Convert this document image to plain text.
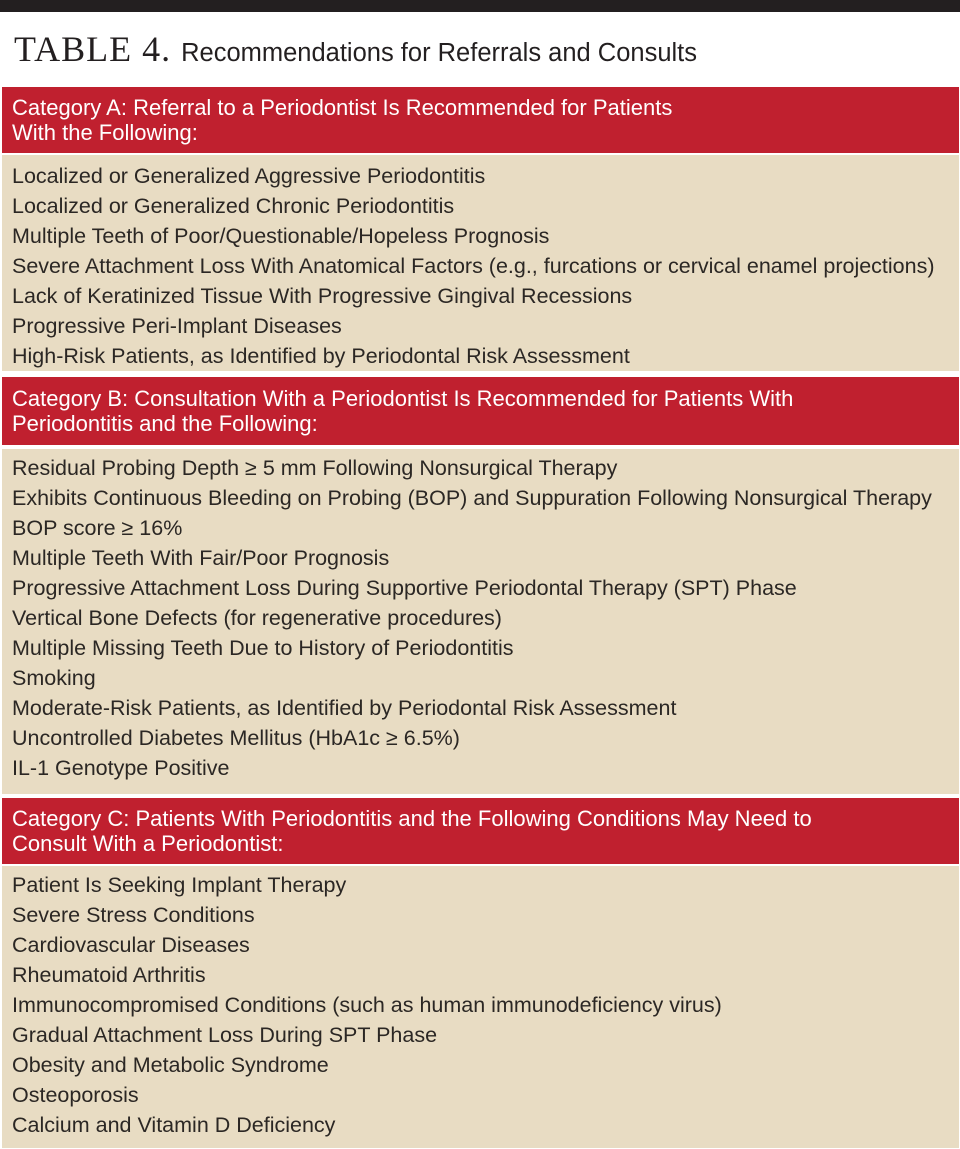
TABLE 4. Recommendations for Referrals and Consults
Category A: Referral to a Periodontist Is Recommended for Patients
With the Following:
Localized or Generalized Aggressive Periodontitis
Localized or Generalized Chronic Periodontitis
Multiple Teeth of Poor/Questionable/Hopeless Prognosis
Severe Attachment Loss With Anatomical Factors (e.g., furcations or cervical enamel projections)
Lack of Keratinized Tissue With Progressive Gingival Recessions
Progressive Peri-Implant Diseases
High-Risk Patients, as Identified by Periodontal Risk Assessment
Category B: Consultation With a Periodontist Is Recommended for Patients With
Periodontitis and the Following:
Residual Probing Depth ≥ 5 mm Following Nonsurgical Therapy
Exhibits Continuous Bleeding on Probing (BOP) and Suppuration Following Nonsurgical Therapy
BOP score ≥ 16%
Multiple Teeth With Fair/Poor Prognosis
Progressive Attachment Loss During Supportive Periodontal Therapy (SPT) Phase
Vertical Bone Defects (for regenerative procedures)
Multiple Missing Teeth Due to History of Periodontitis
Smoking
Moderate-Risk Patients, as Identified by Periodontal Risk Assessment
Uncontrolled Diabetes Mellitus (HbA1c ≥ 6.5%)
IL-1 Genotype Positive
Category C: Patients With Periodontitis and the Following Conditions May Need to
Consult With a Periodontist:
Patient Is Seeking Implant Therapy
Severe Stress Conditions
Cardiovascular Diseases
Rheumatoid Arthritis
Immunocompromised Conditions (such as human immunodeficiency virus)
Gradual Attachment Loss During SPT Phase
Obesity and Metabolic Syndrome
Osteoporosis
Calcium and Vitamin D Deficiency
